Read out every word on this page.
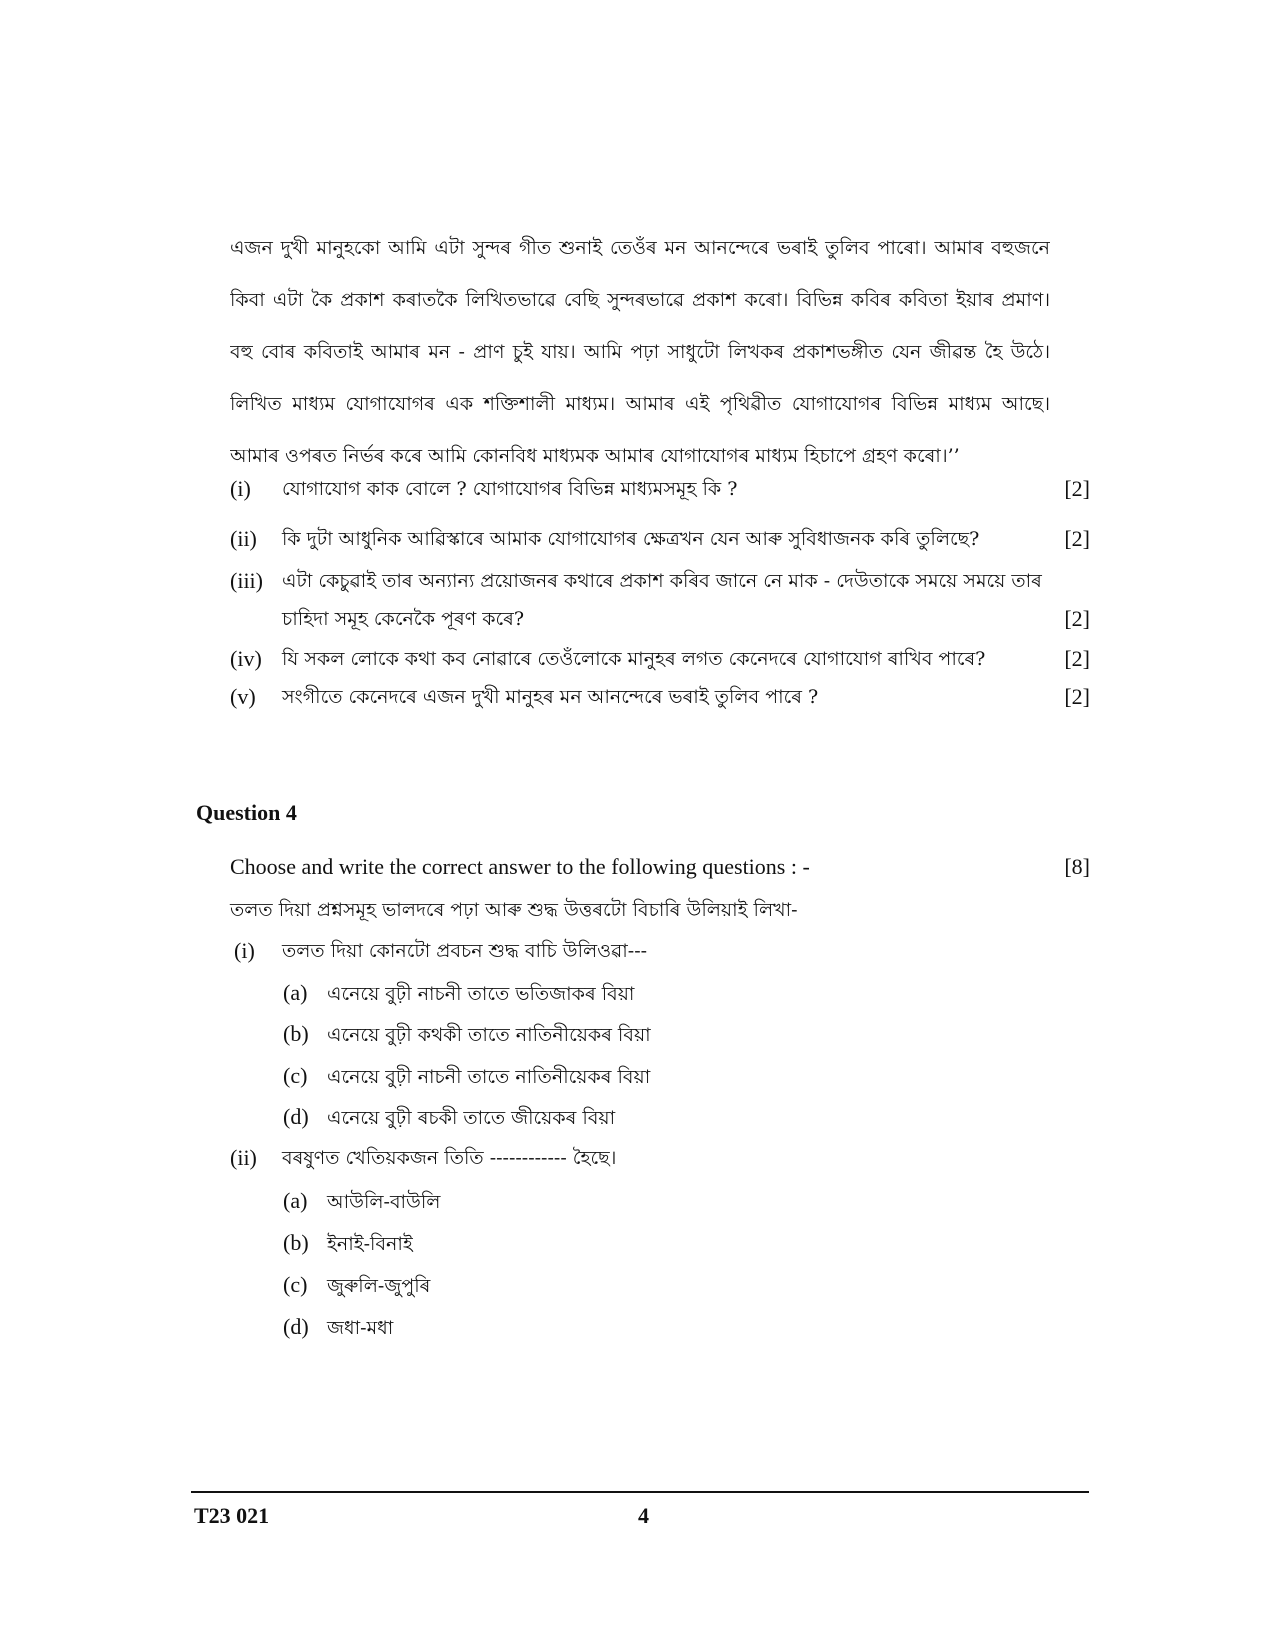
এজন দুখী মানুহকো আমি এটা সুন্দৰ গীত শুনাই তেওঁৰ মন আনন্দেৰে ভৰাই তুলিব পাৰো। আমাৰ বহুজনে
কিবা এটা কৈ প্ৰকাশ কৰাতকৈ লিখিতভাৱে বেছি সুন্দৰভাৱে প্ৰকাশ কৰো। বিভিন্ন কবিৰ কবিতা ইয়াৰ প্ৰমাণ।
বহু বোৰ কবিতাই আমাৰ মন - প্ৰাণ চুই যায়। আমি পঢ়া সাধুটো লিখকৰ প্ৰকাশভঙ্গীত যেন জীৱন্ত হৈ উঠে।
লিখিত মাধ্যম যোগাযোগৰ এক শক্তিশালী মাধ্যম। আমাৰ এই পৃথিৱীত যোগাযোগৰ বিভিন্ন মাধ্যম আছে।
আমাৰ ওপৰত নিৰ্ভৰ কৰে আমি কোনবিধ মাধ্যমক আমাৰ যোগাযোগৰ মাধ্যম হিচাপে গ্ৰহণ কৰো।’’
(i) যোগাযোগ কাক বোলে ? যোগাযোগৰ বিভিন্ন মাধ্যমসমূহ কি ?	[2]
(ii) কি দুটা আধুনিক আৱিস্কাৰে আমাক যোগাযোগৰ ক্ষেত্ৰখন যেন আৰু সুবিধাজনক কৰি তুলিছে?	[2]
(iii) এটা কেচুৱাই তাৰ অন্যান্য প্ৰয়োজনৰ কথাৰে প্ৰকাশ কৰিব জানে নে মাক - দেউতাকে সময়ে সময়ে তাৰ
চাহিদা সমূহ কেনেকৈ পূৰণ কৰে?	[2]
(iv) যি সকল লোকে কথা কব নোৱাৰে তেওঁলোকে মানুহৰ লগত কেনেদৰে যোগাযোগ ৰাখিব পাৰে?	[2]
(v) সংগীতে কেনেদৰে এজন দুখী মানুহৰ মন আনন্দেৰে ভৰাই তুলিব পাৰে ?	[2]
Question 4
Choose and write the correct answer to the following questions : -	[8]
তলত দিয়া প্ৰশ্নসমূহ ভালদৰে পঢ়া আৰু শুদ্ধ উত্তৰটো বিচাৰি উলিয়াই লিখা-
(i) তলত দিয়া কোনটো প্ৰবচন শুদ্ধ বাচি উলিওৱা---
(a) এনেয়ে বুঢ়ী নাচনী তাতে ভতিজাকৰ বিয়া
(b) এনেয়ে বুঢ়ী কথকী তাতে নাতিনীয়েকৰ বিয়া
(c) এনেয়ে বুঢ়ী নাচনী তাতে নাতিনীয়েকৰ বিয়া
(d) এনেয়ে বুঢ়ী ৰচকী তাতে জীয়েকৰ বিয়া
(ii) বৰষুণত খেতিয়কজন তিতি ------------ হৈছে।
(a) আউলি-বাউলি
(b) ইনাই-বিনাই
(c) জুৰুলি-জুপুৰি
(d) জধা-মধা
T23 021	4
